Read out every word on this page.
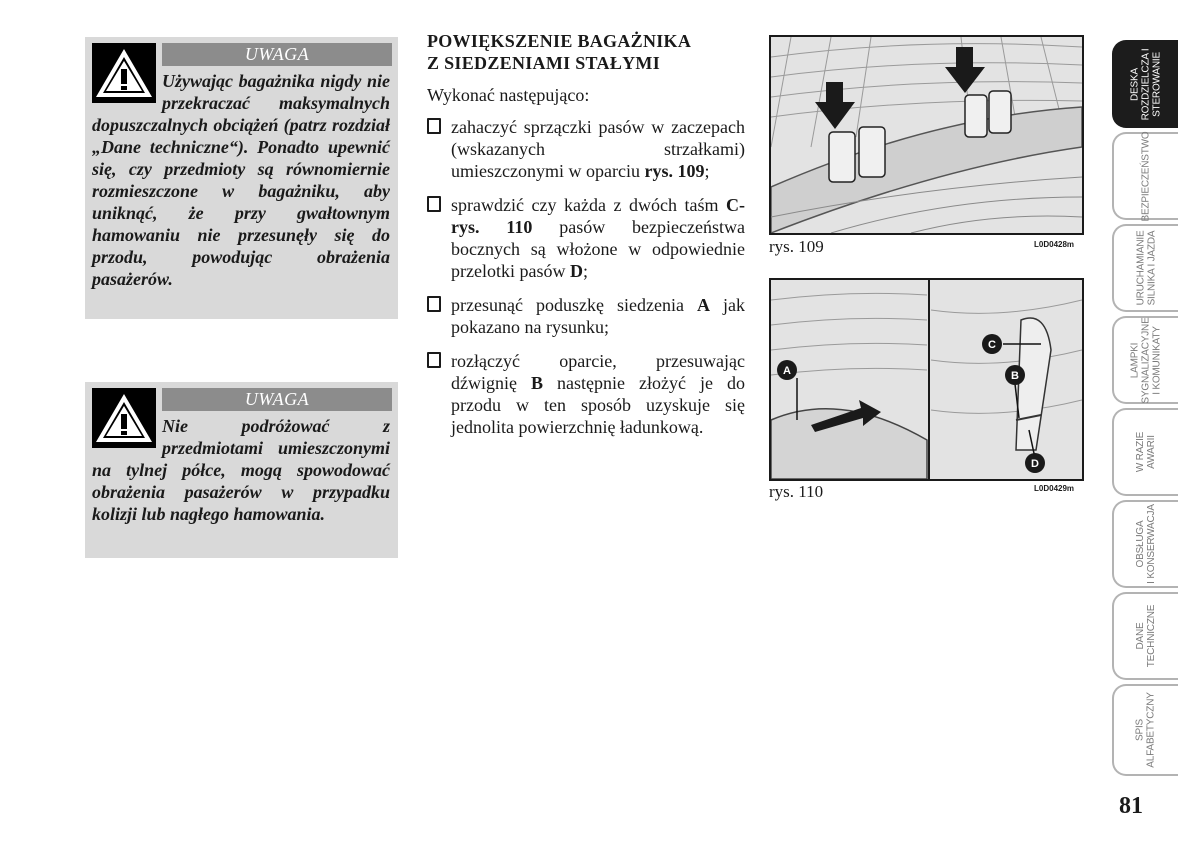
UWAGA
Używając bagażnika nigdy nie przekraczać maksymalnych dopuszczalnych obciążeń (patrz rozdział „Dane techniczne“). Ponadto upewnić się, czy przedmioty są równomiernie rozmieszczone w bagażniku, aby uniknąć, że przy gwałtownym hamowaniu nie przesunęły się do przodu, powodując obrażenia pasażerów.
UWAGA
Nie podróżować z przedmiotami umieszczonymi na tylnej półce, mogą spowodować obrażenia pasażerów w przypadku kolizji lub nagłego hamowania.
POWIĘKSZENIE BAGAŻNIKA
Z SIEDZENIAMI STAŁYMI
Wykonać następująco:
zahaczyć sprzączki pasów w zaczepach (wskazanych strzałkami) umieszczonymi w oparciu rys. 109;
sprawdzić czy każda z dwóch taśm C-rys. 110 pasów bezpieczeństwa bocznych są włożone w odpowiednie przelotki pasów D;
przesunąć poduszkę siedzenia A jak pokazano na rysunku;
rozłączyć oparcie, przesuwając dźwignię B następnie złożyć je do przodu w ten sposób uzyskuje się jednolita powierzchnię ładunkową.
rys. 109	L0D0428m
A
C
B
D
rys. 110	L0D0429m
DESKA
ROZDZIELCZA I
STEROWANIE
BEZPIECZEŃSTWO
URUCHAMIANIE
SILNIKA I JAZDA
LAMPKI
SYGNALIZACYJNE
I KOMUNIKATY
W RAZIE
AWARII
OBSŁUGA
I KONSERWACJA
DANE
TECHNICZNE
SPIS
ALFABETYCZNY
81
